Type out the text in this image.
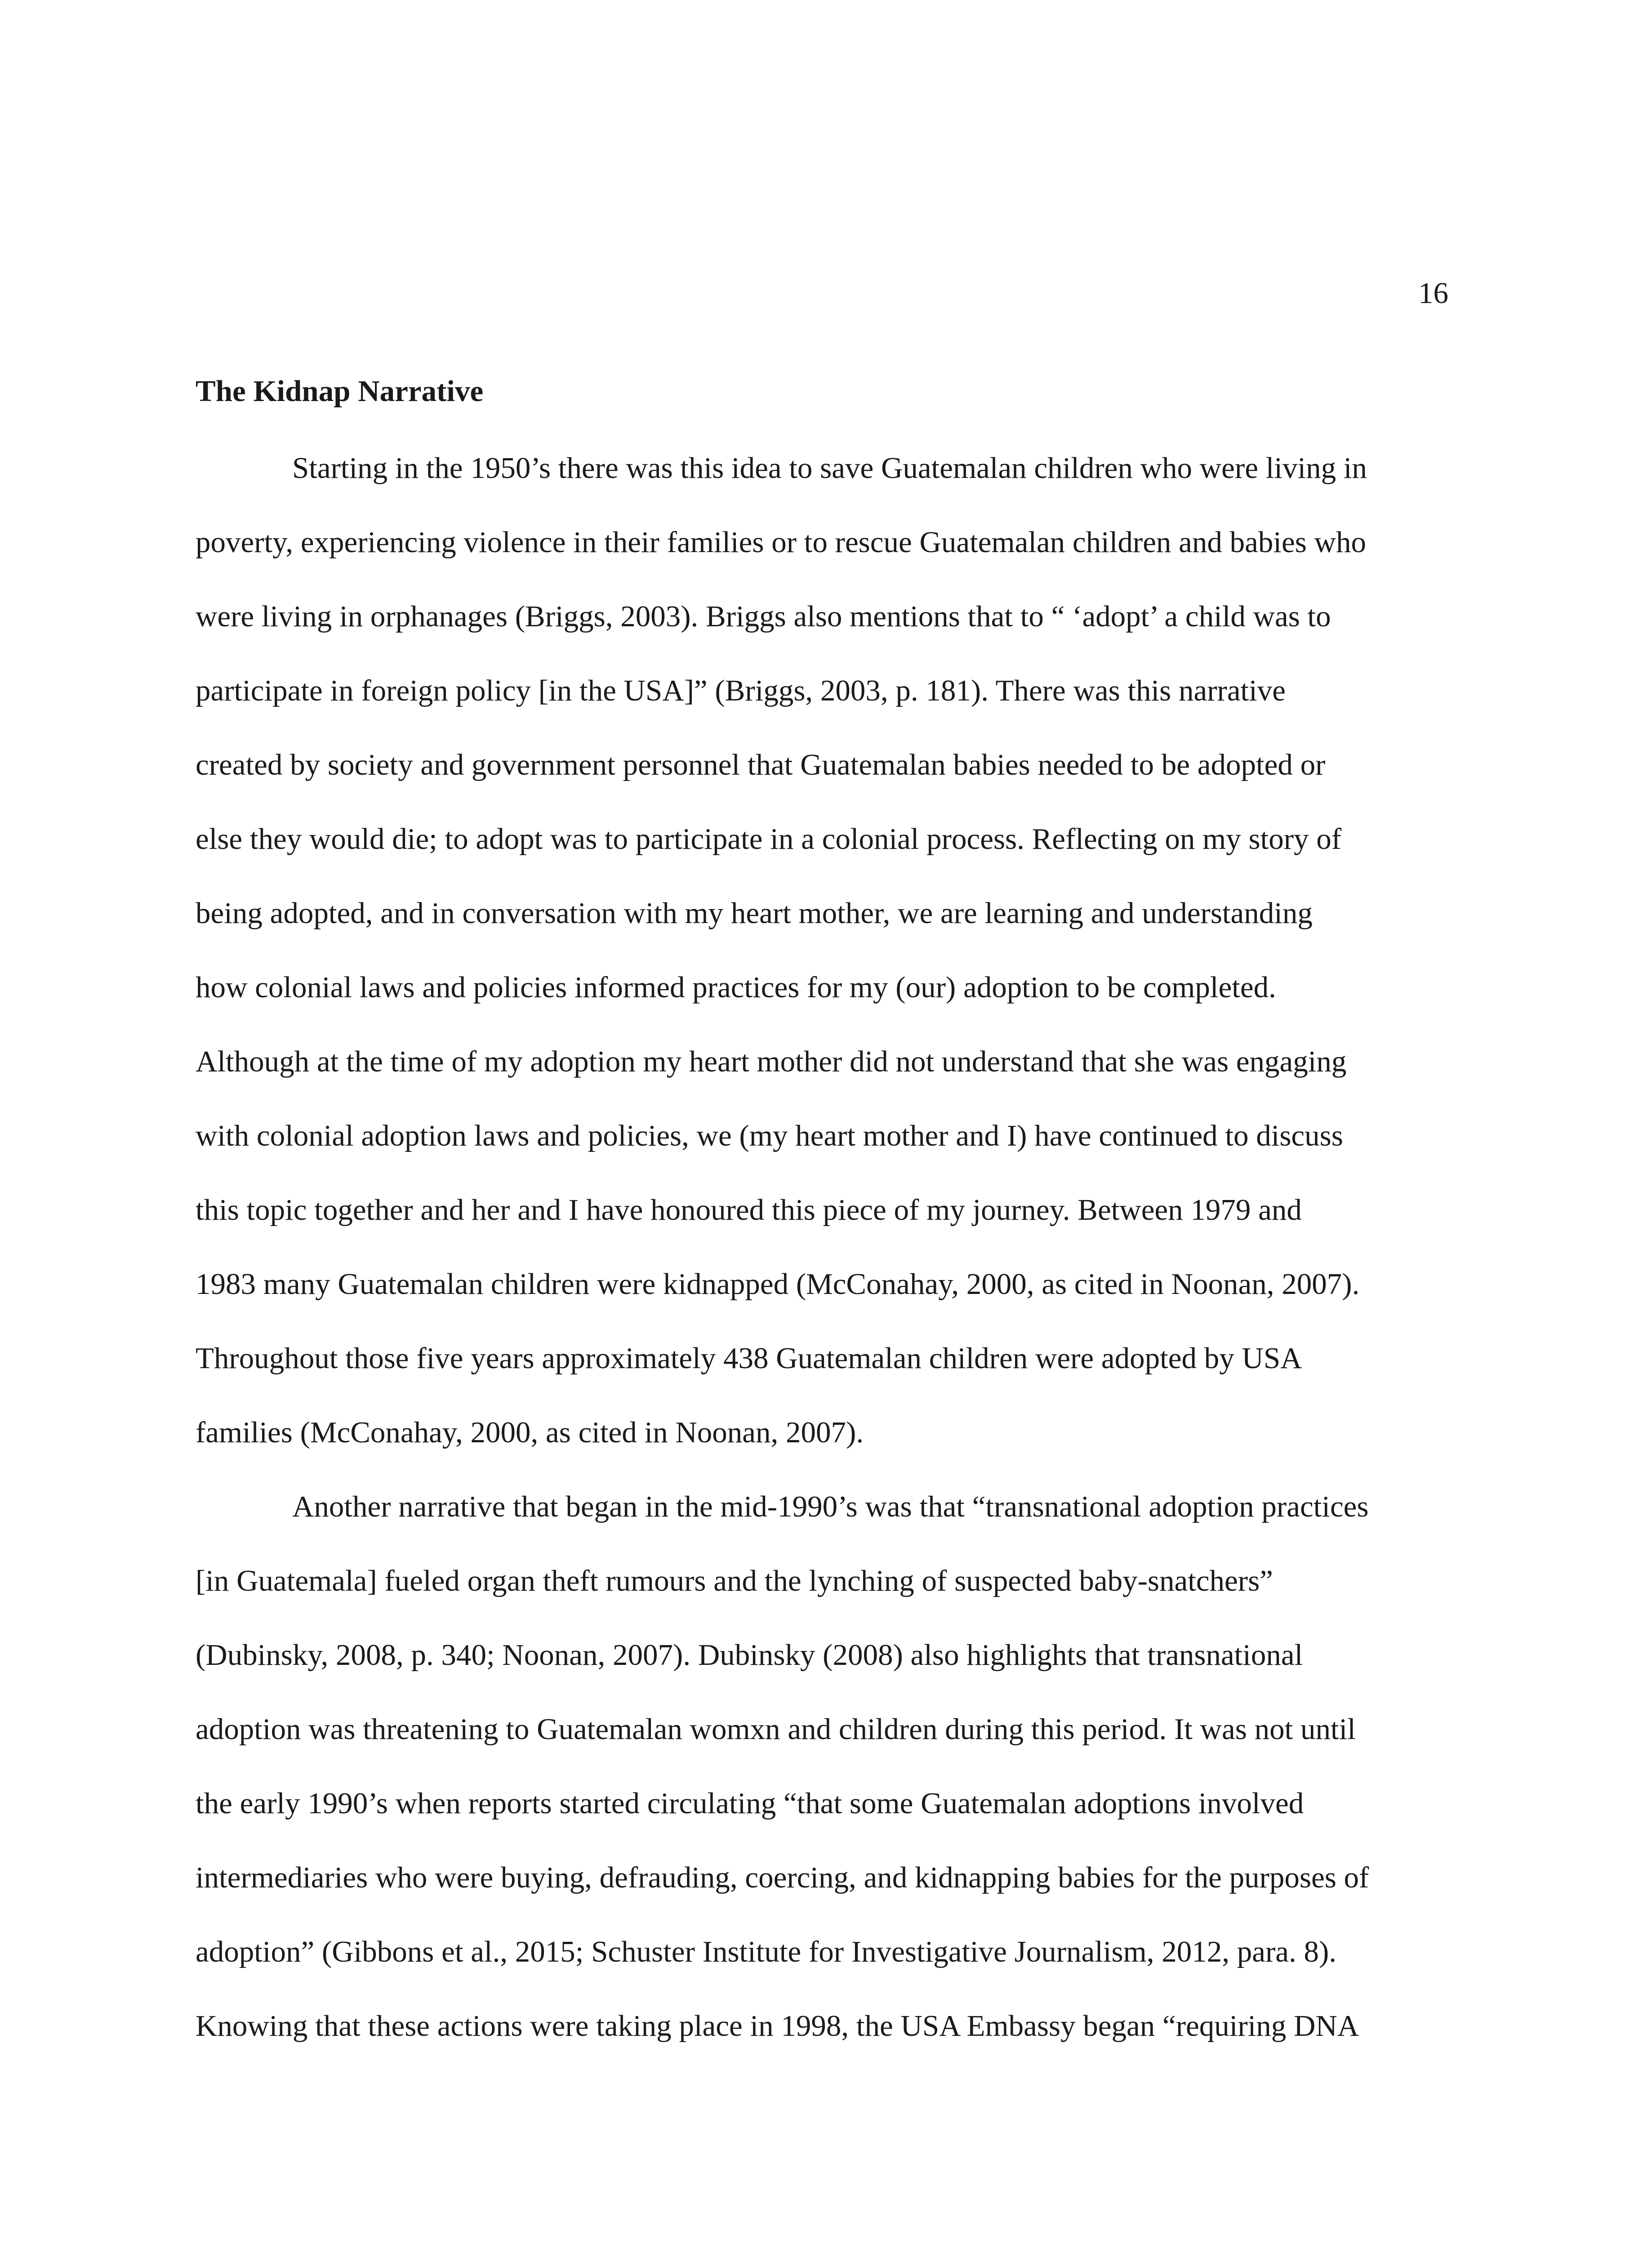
16
The Kidnap Narrative
Starting in the 1950’s there was this idea to save Guatemalan children who were living in
poverty, experiencing violence in their families or to rescue Guatemalan children and babies who
were living in orphanages (Briggs, 2003). Briggs also mentions that to “ ‘adopt’ a child was to
participate in foreign policy [in the USA]” (Briggs, 2003, p. 181). There was this narrative
created by society and government personnel that Guatemalan babies needed to be adopted or
else they would die; to adopt was to participate in a colonial process. Reflecting on my story of
being adopted, and in conversation with my heart mother, we are learning and understanding
how colonial laws and policies informed practices for my (our) adoption to be completed.
Although at the time of my adoption my heart mother did not understand that she was engaging
with colonial adoption laws and policies, we (my heart mother and I) have continued to discuss
this topic together and her and I have honoured this piece of my journey. Between 1979 and
1983 many Guatemalan children were kidnapped (McConahay, 2000, as cited in Noonan, 2007).
Throughout those five years approximately 438 Guatemalan children were adopted by USA
families (McConahay, 2000, as cited in Noonan, 2007).
Another narrative that began in the mid-1990’s was that “transnational adoption practices
[in Guatemala] fueled organ theft rumours and the lynching of suspected baby-snatchers”
(Dubinsky, 2008, p. 340; Noonan, 2007). Dubinsky (2008) also highlights that transnational
adoption was threatening to Guatemalan womxn and children during this period. It was not until
the early 1990’s when reports started circulating “that some Guatemalan adoptions involved
intermediaries who were buying, defrauding, coercing, and kidnapping babies for the purposes of
adoption” (Gibbons et al., 2015; Schuster Institute for Investigative Journalism, 2012, para. 8).
Knowing that these actions were taking place in 1998, the USA Embassy began “requiring DNA
